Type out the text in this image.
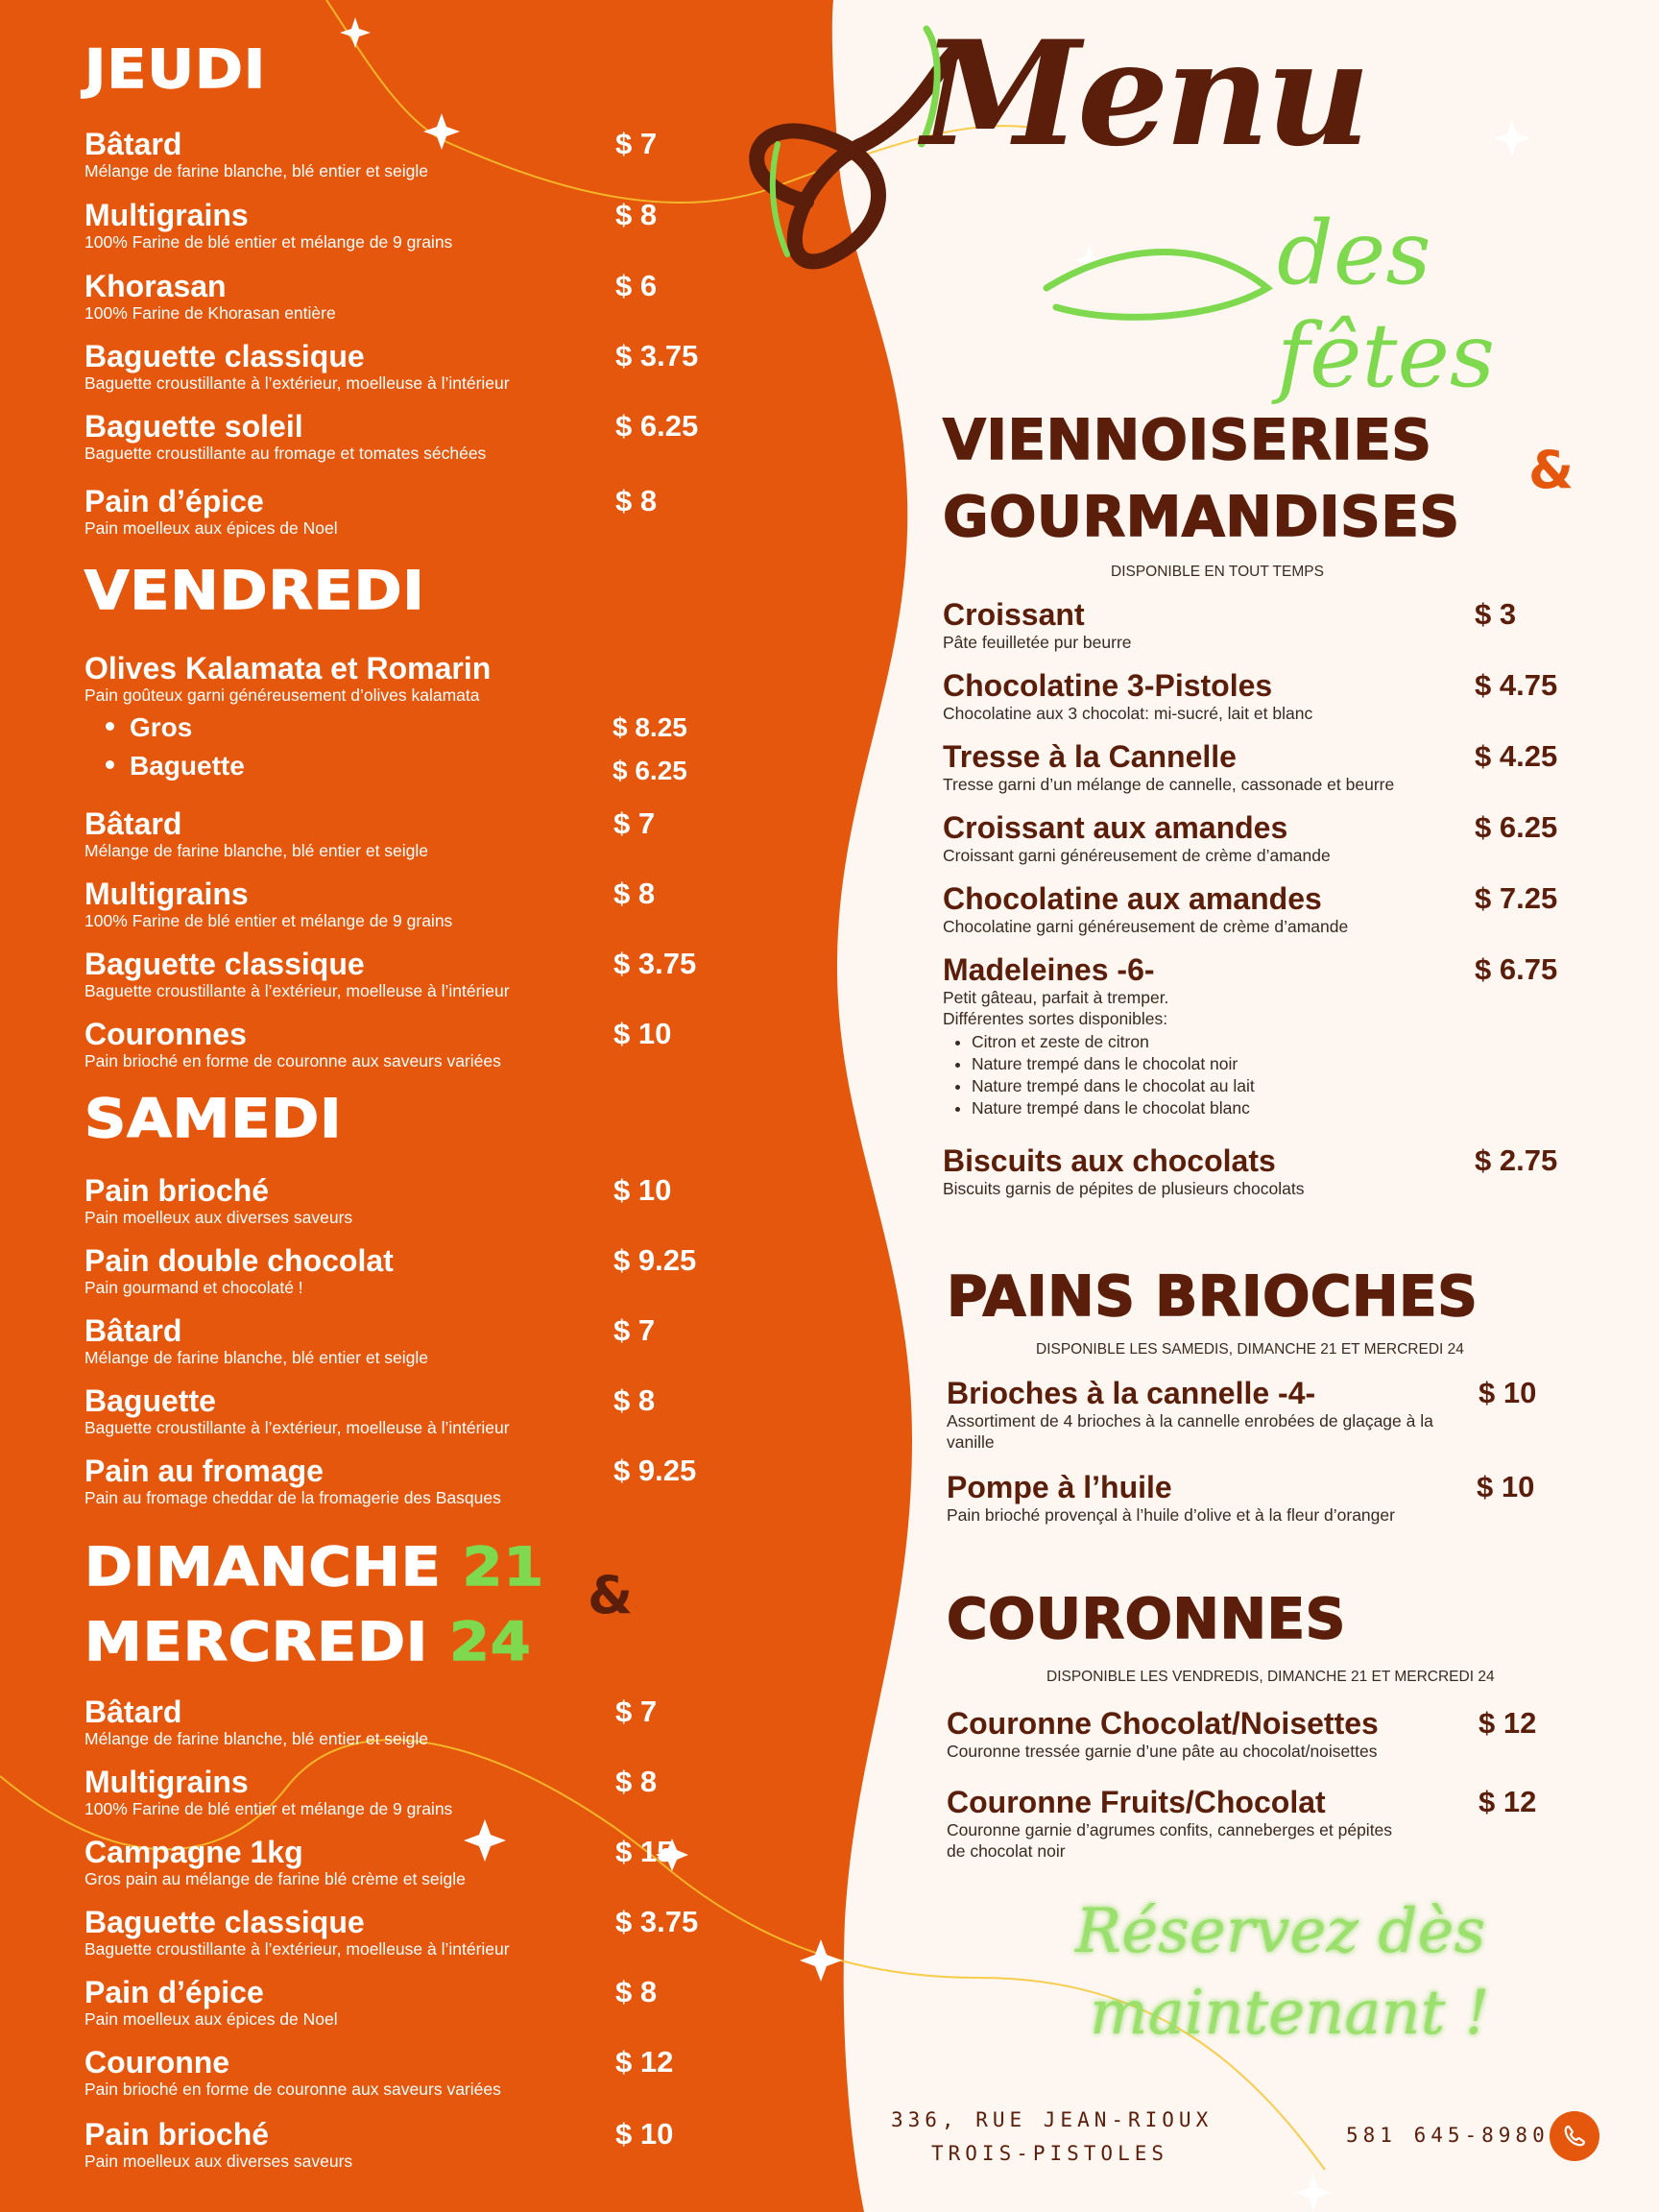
Menu
des fêtes
JEUDI
Bâtard
Mélange de farine blanche, blé entier et seigle
$ 7
Multigrains
100% Farine de blé entier et mélange de 9 grains
$ 8
Khorasan
100% Farine de Khorasan entière
$ 6
Baguette classique
Baguette croustillante à l’extérieur, moelleuse à l’intérieur
$ 3.75
Baguette soleil
Baguette croustillante au fromage et tomates séchées
$ 6.25
Pain d’épice
Pain moelleux aux épices de Noel
$ 8
VENDREDI
Olives Kalamata et Romarin
Pain goûteux garni généreusement d’olives kalamata
Gros	$ 8.25
Baguette	$ 6.25
Bâtard
Mélange de farine blanche, blé entier et seigle
$ 7
Multigrains
100% Farine de blé entier et mélange de 9 grains
$ 8
Baguette classique
Baguette croustillante à l’extérieur, moelleuse à l’intérieur
$ 3.75
Couronnes
Pain brioché en forme de couronne aux saveurs variées
$ 10
SAMEDI
Pain brioché
Pain moelleux aux diverses saveurs
$ 10
Pain double chocolat
Pain gourmand et chocolaté !
$ 9.25
Bâtard
Mélange de farine blanche, blé entier et seigle
$ 7
Baguette
Baguette croustillante à l’extérieur, moelleuse à l’intérieur
$ 8
Pain au fromage
Pain au fromage cheddar de la fromagerie des Basques
$ 9.25
DIMANCHE 21
MERCREDI 24
&
Bâtard
Mélange de farine blanche, blé entier et seigle
$ 7
Multigrains
100% Farine de blé entier et mélange de 9 grains
$ 8
Campagne 1kg
Gros pain au mélange de farine blé crème et seigle
$ 15
Baguette classique
Baguette croustillante à l’extérieur, moelleuse à l’intérieur
$ 3.75
Pain d’épice
Pain moelleux aux épices de Noel
$ 8
Couronne
Pain brioché en forme de couronne aux saveurs variées
$ 12
Pain brioché
Pain moelleux aux diverses saveurs
$ 10
VIENNOISERIES
GOURMANDISES
&
DISPONIBLE EN TOUT TEMPS
Croissant
Pâte feuilletée pur beurre
$ 3
Chocolatine 3-Pistoles
Chocolatine aux 3 chocolat: mi-sucré, lait et blanc
$ 4.75
Tresse à la Cannelle
Tresse garni d’un mélange de cannelle, cassonade et beurre
$ 4.25
Croissant aux amandes
Croissant garni généreusement de crème d’amande
$ 6.25
Chocolatine aux amandes
Chocolatine garni généreusement de crème d’amande
$ 7.25
Madeleines -6-
Petit gâteau, parfait à tremper.
Différentes sortes disponibles:
• Citron et zeste de citron
• Nature trempé dans le chocolat noir
• Nature trempé dans le chocolat au lait
• Nature trempé dans le chocolat blanc
$ 6.75
Biscuits aux chocolats
Biscuits garnis de pépites de plusieurs chocolats
$ 2.75
PAINS BRIOCHES
DISPONIBLE LES SAMEDIS, DIMANCHE 21 ET MERCREDI 24
Brioches à la cannelle -4-
Assortiment de 4 brioches à la cannelle enrobées de glaçage à la vanille
$ 10
Pompe à l’huile
Pain brioché provençal à l’huile d’olive et à la fleur d’oranger
$ 10
COURONNES
DISPONIBLE LES VENDREDIS, DIMANCHE 21 ET MERCREDI 24
Couronne Chocolat/Noisettes
Couronne tressée garnie d’une pâte au chocolat/noisettes
$ 12
Couronne Fruits/Chocolat
Couronne garnie d’agrumes confits, canneberges et pépites de chocolat noir
$ 12
Réservez dès
maintenant !
336, RUE JEAN-RIOUX
TROIS-PISTOLES
581 645-8980
